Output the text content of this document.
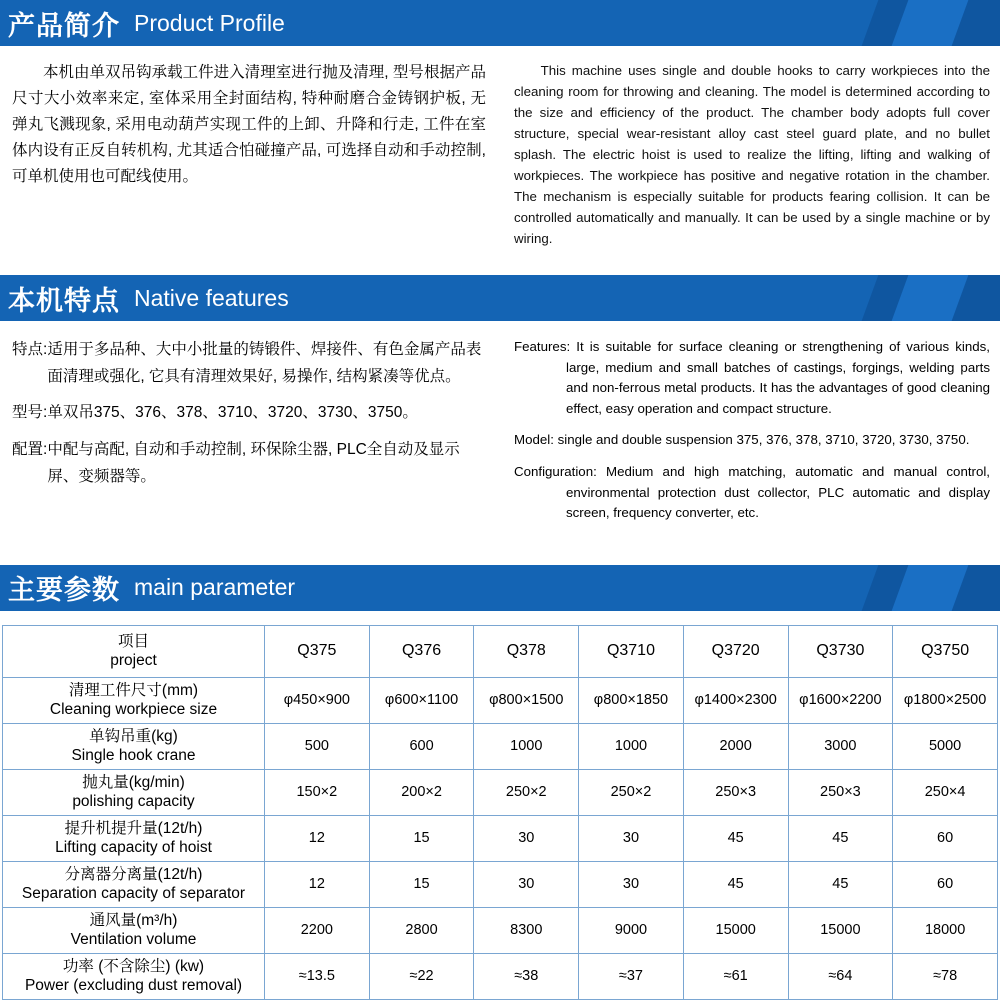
产品简介 Product Profile
本机由单双吊钩承载工件进入清理室进行抛及清理, 型号根据产品尺寸大小效率来定, 室体采用全封面结构, 特种耐磨合金铸钢护板, 无弹丸飞溅现象, 采用电动葫芦实现工件的上卸、升降和行走, 工件在室体内设有正反自转机构, 尤其适合怕碰撞产品, 可选择自动和手动控制, 可单机使用也可配线使用。
This machine uses single and double hooks to carry workpieces into the cleaning room for throwing and cleaning. The model is determined according to the size and efficiency of the product. The chamber body adopts full cover structure, special wear-resistant alloy cast steel guard plate, and no bullet splash. The electric hoist is used to realize the lifting, lifting and walking of workpieces. The workpiece has positive and negative rotation in the chamber. The mechanism is especially suitable for products fearing collision. It can be controlled automatically and manually. It can be used by a single machine or by wiring.
本机特点 Native features
特点: 适用于多品种、大中小批量的铸锻件、焊接件、有色金属产品表面清理或强化, 它具有清理效果好, 易操作, 结构紧凑等优点。
型号: 单双吊375、376、378、3710、3720、3730、3750。
配置: 中配与高配, 自动和手动控制, 环保除尘器, PLC全自动及显示屏、变频器等。
Features: It is suitable for surface cleaning or strengthening of various kinds, large, medium and small batches of castings, forgings, welding parts and non-ferrous metal products. It has the advantages of good cleaning effect, easy operation and compact structure.
Model: single and double suspension 375, 376, 378, 3710, 3720, 3730, 3750.
Configuration: Medium and high matching, automatic and manual control, environmental protection dust collector, PLC automatic and display screen, frequency converter, etc.
主要参数 main parameter
项目
project	Q375	Q376	Q378	Q3710	Q3720	Q3730	Q3750

清理工件尺寸(mm)
Cleaning workpiece size	φ450×900	φ600×1100	φ800×1500	φ800×1850	φ1400×2300	φ1600×2200	φ1800×2500

单钩吊重(kg)
Single hook crane	500	600	1000	1000	2000	3000	5000

抛丸量(kg/min)
polishing capacity	150×2	200×2	250×2	250×2	250×3	250×3	250×4

提升机提升量(12t/h)
Lifting capacity of hoist	12	15	30	30	45	45	60

分离器分离量(12t/h)
Separation capacity of separator	12	15	30	30	45	45	60

通风量(m³/h)
Ventilation volume	2200	2800	8300	9000	15000	15000	18000

功率 (不含除尘) (kw)
Power (excluding dust removal)	≈13.5	≈22	≈38	≈37	≈61	≈64	≈78
